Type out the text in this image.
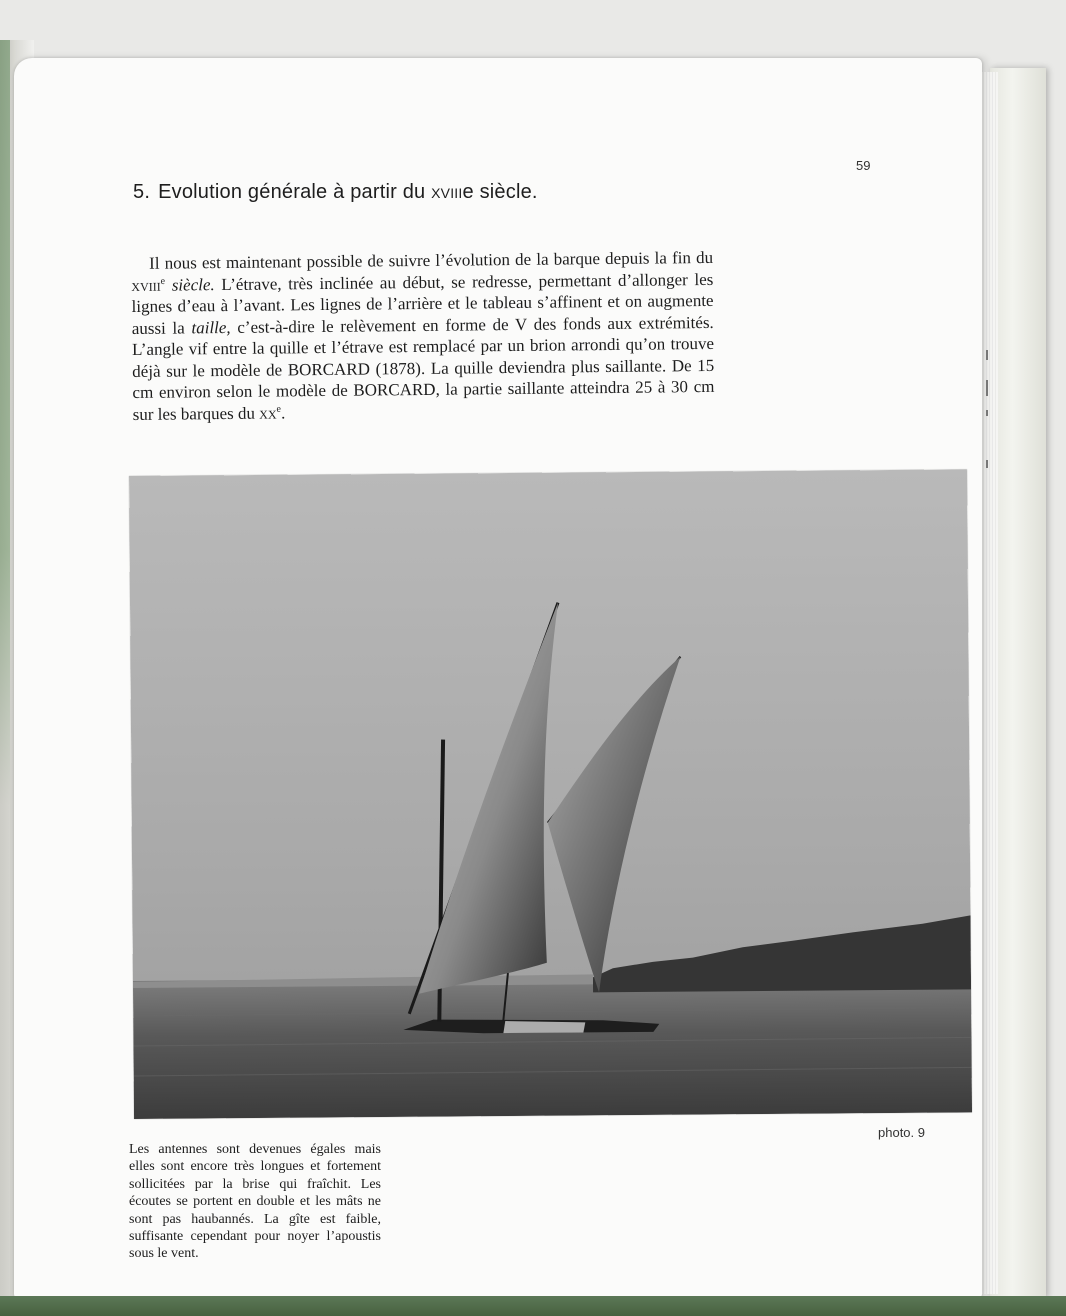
59
5. Evolution générale à partir du xviiie siècle.

Il nous est maintenant possible de suivre l’évolution de la barque depuis la fin du xviii$^e$ siècle. L’étrave, très inclinée au début, se redresse, permettant d’allonger les lignes d’eau à l’avant. Les lignes de l’arrière et le tableau s’affinent et on augmente aussi la taille, c’est-à-dire le relèvement en forme de V des fonds aux extrémités. L’angle vif entre la quille et l’étrave est remplacé par un brion arrondi qu’on trouve déjà sur le modèle de BORCARD (1878). La quille deviendra plus saillante. De 15 cm environ selon le modèle de BORCARD, la partie saillante atteindra 25 à 30 cm sur les barques du $xx^e$.

photo. 9

Les antennes sont devenues égales mais elles sont encore très longues et fortement sollicitées par la brise qui fraîchit. Les écoutes se portent en double et les mâts ne sont pas haubannés. La gîte est faible, suffisante cependant pour noyer l’apoustis sous le vent.
